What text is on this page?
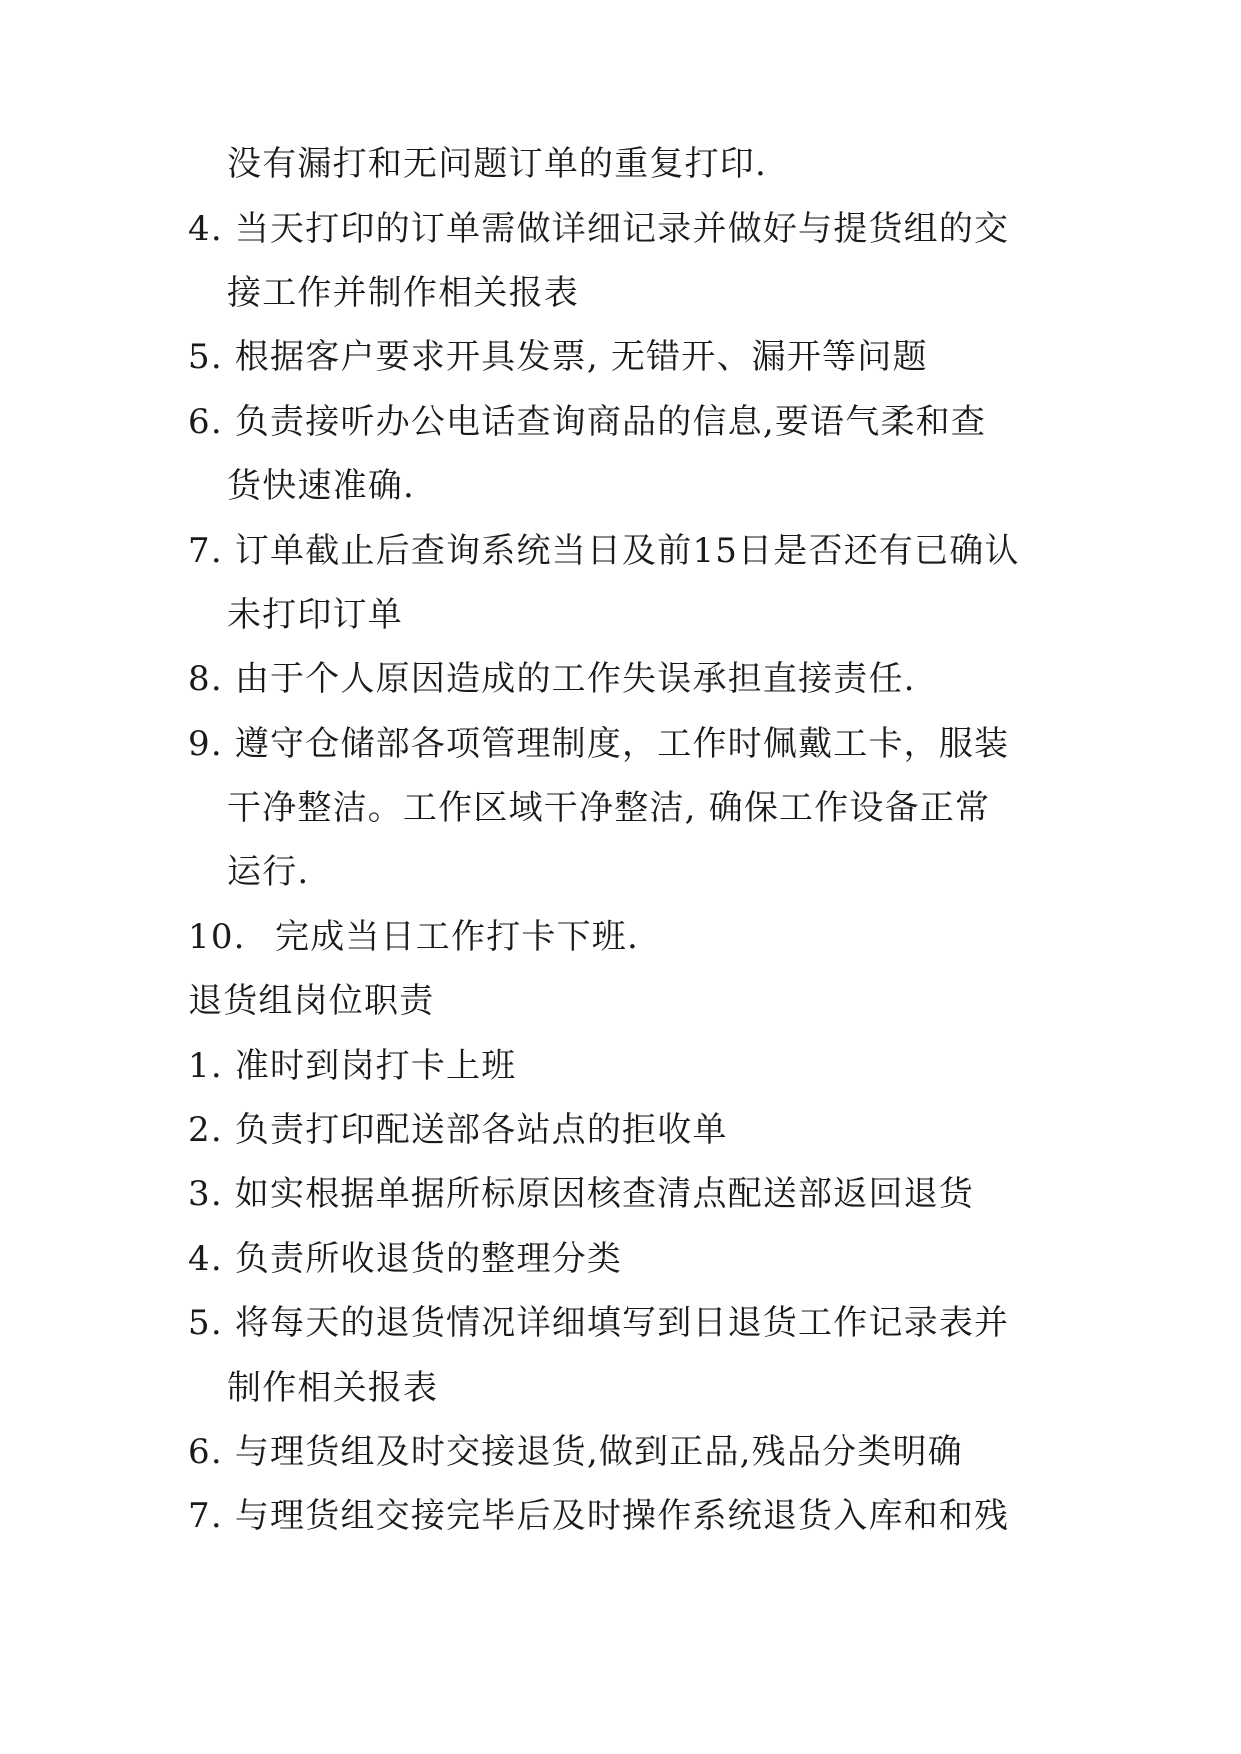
没有漏打和无问题订单的重复打印.
4. 当天打印的订单需做详细记录并做好与提货组的交
接工作并制作相关报表
5. 根据客户要求开具发票, 无错开、漏开等问题
6. 负责接听办公电话查询商品的信息,要语气柔和查
货快速准确.
7. 订单截止后查询系统当日及前15日是否还有已确认
未打印订单
8. 由于个人原因造成的工作失误承担直接责任.
9. 遵守仓储部各项管理制度，工作时佩戴工卡，服装
干净整洁。工作区域干净整洁, 确保工作设备正常
运行.
10. 完成当日工作打卡下班.
退货组岗位职责
1. 准时到岗打卡上班
2. 负责打印配送部各站点的拒收单
3. 如实根据单据所标原因核查清点配送部返回退货
4. 负责所收退货的整理分类
5. 将每天的退货情况详细填写到日退货工作记录表并
制作相关报表
6. 与理货组及时交接退货,做到正品,残品分类明确
7. 与理货组交接完毕后及时操作系统退货入库和和残
